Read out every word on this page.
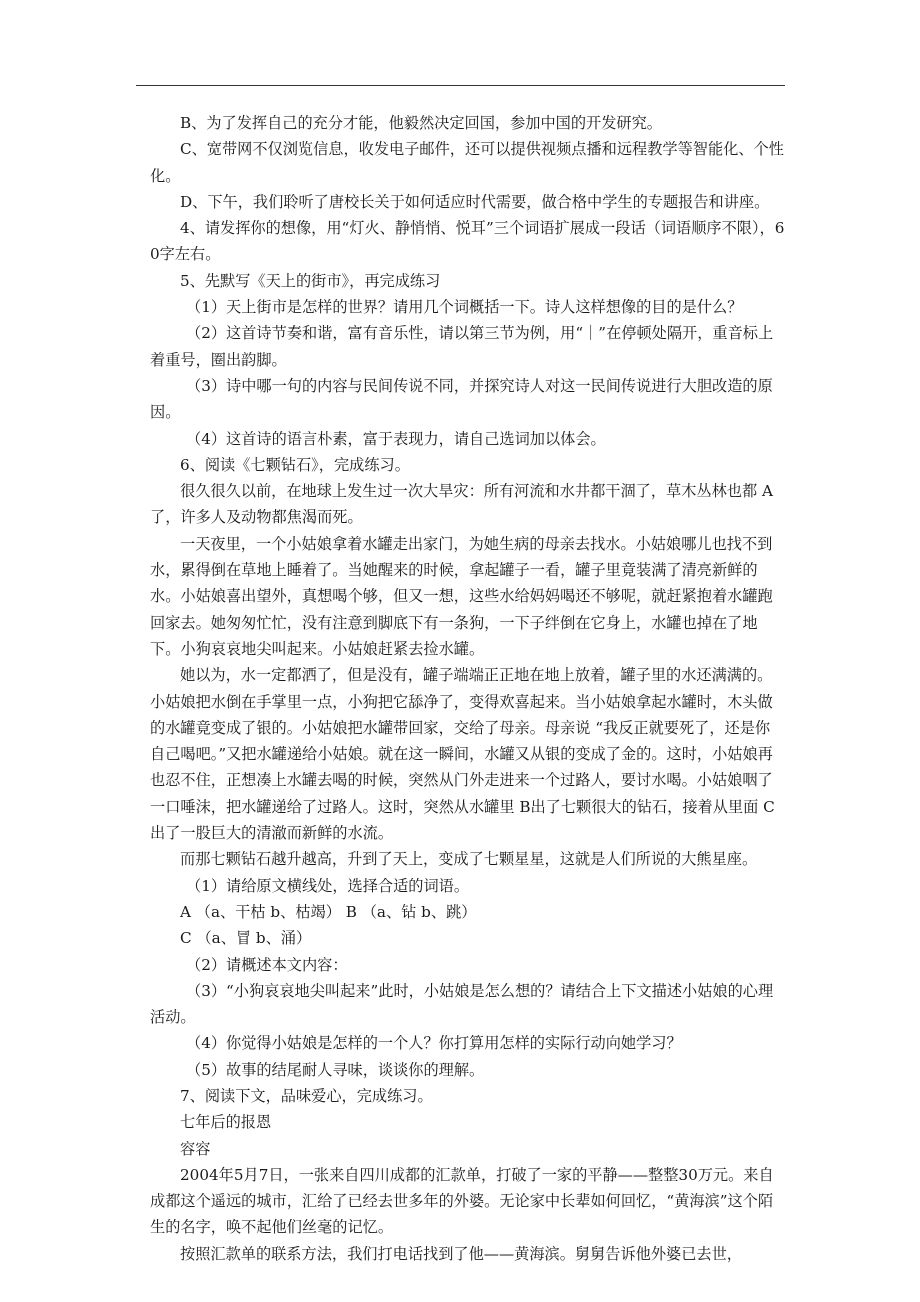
B、为了发挥自己的充分才能，他毅然决定回国，参加中国的开发研究。

C、宽带网不仅浏览信息，收发电子邮件，还可以提供视频点播和远程教学等智能化、个性化。

D、下午，我们聆听了唐校长关于如何适应时代需要，做合格中学生的专题报告和讲座。

4、请发挥你的想像，用“灯火、静悄悄、悦耳”三个词语扩展成一段话（词语顺序不限），60字左右。

5、先默写《天上的街市》，再完成练习

（1）天上街市是怎样的世界？请用几个词概括一下。诗人这样想像的目的是什么？

（2）这首诗节奏和谐，富有音乐性，请以第三节为例，用“｜”在停顿处隔开，重音标上着重号，圈出韵脚。

（3）诗中哪一句的内容与民间传说不同，并探究诗人对这一民间传说进行大胆改造的原因。

（4）这首诗的语言朴素，富于表现力，请自己选词加以体会。

6、阅读《七颗钻石》，完成练习。

很久很久以前，在地球上发生过一次大旱灾：所有河流和水井都干涸了，草木丛林也都 A 了，许多人及动物都焦渴而死。

一天夜里，一个小姑娘拿着水罐走出家门，为她生病的母亲去找水。小姑娘哪儿也找不到水，累得倒在草地上睡着了。当她醒来的时候，拿起罐子一看，罐子里竟装满了清亮新鲜的水。小姑娘喜出望外，真想喝个够，但又一想，这些水给妈妈喝还不够呢，就赶紧抱着水罐跑回家去。她匆匆忙忙，没有注意到脚底下有一条狗，一下子绊倒在它身上，水罐也掉在了地下。小狗哀哀地尖叫起来。小姑娘赶紧去捡水罐。

她以为，水一定都洒了，但是没有，罐子端端正正地在地上放着，罐子里的水还满满的。小姑娘把水倒在手掌里一点，小狗把它舔净了，变得欢喜起来。当小姑娘拿起水罐时，木头做的水罐竟变成了银的。小姑娘把水罐带回家，交给了母亲。母亲说 “我反正就要死了，还是你自己喝吧。”又把水罐递给小姑娘。就在这一瞬间，水罐又从银的变成了金的。这时，小姑娘再也忍不住，正想凑上水罐去喝的时候，突然从门外走进来一个过路人，要讨水喝。小姑娘咽了一口唾沫，把水罐递给了过路人。这时，突然从水罐里 B出了七颗很大的钻石，接着从里面 C 出了一股巨大的清澈而新鲜的水流。

而那七颗钻石越升越高，升到了天上，变成了七颗星星，这就是人们所说的大熊星座。

（1）请给原文横线处，选择合适的词语。

A （a、干枯 b、枯竭） B （a、钻 b、跳）

C （a、冒 b、涌）

（2）请概述本文内容：

（3）“小狗哀哀地尖叫起来”此时，小姑娘是怎么想的？请结合上下文描述小姑娘的心理活动。

（4）你觉得小姑娘是怎样的一个人？你打算用怎样的实际行动向她学习？

（5）故事的结尾耐人寻味，谈谈你的理解。

7、阅读下文，品味爱心，完成练习。

七年后的报恩

容容

2004年5月7日，一张来自四川成都的汇款单，打破了一家的平静——整整30万元。来自成都这个遥远的城市，汇给了已经去世多年的外婆。无论家中长辈如何回忆，“黄海滨”这个陌生的名字，唤不起他们丝毫的记忆。

按照汇款单的联系方法，我们打电话找到了他——黄海滨。舅舅告诉他外婆已去世，
